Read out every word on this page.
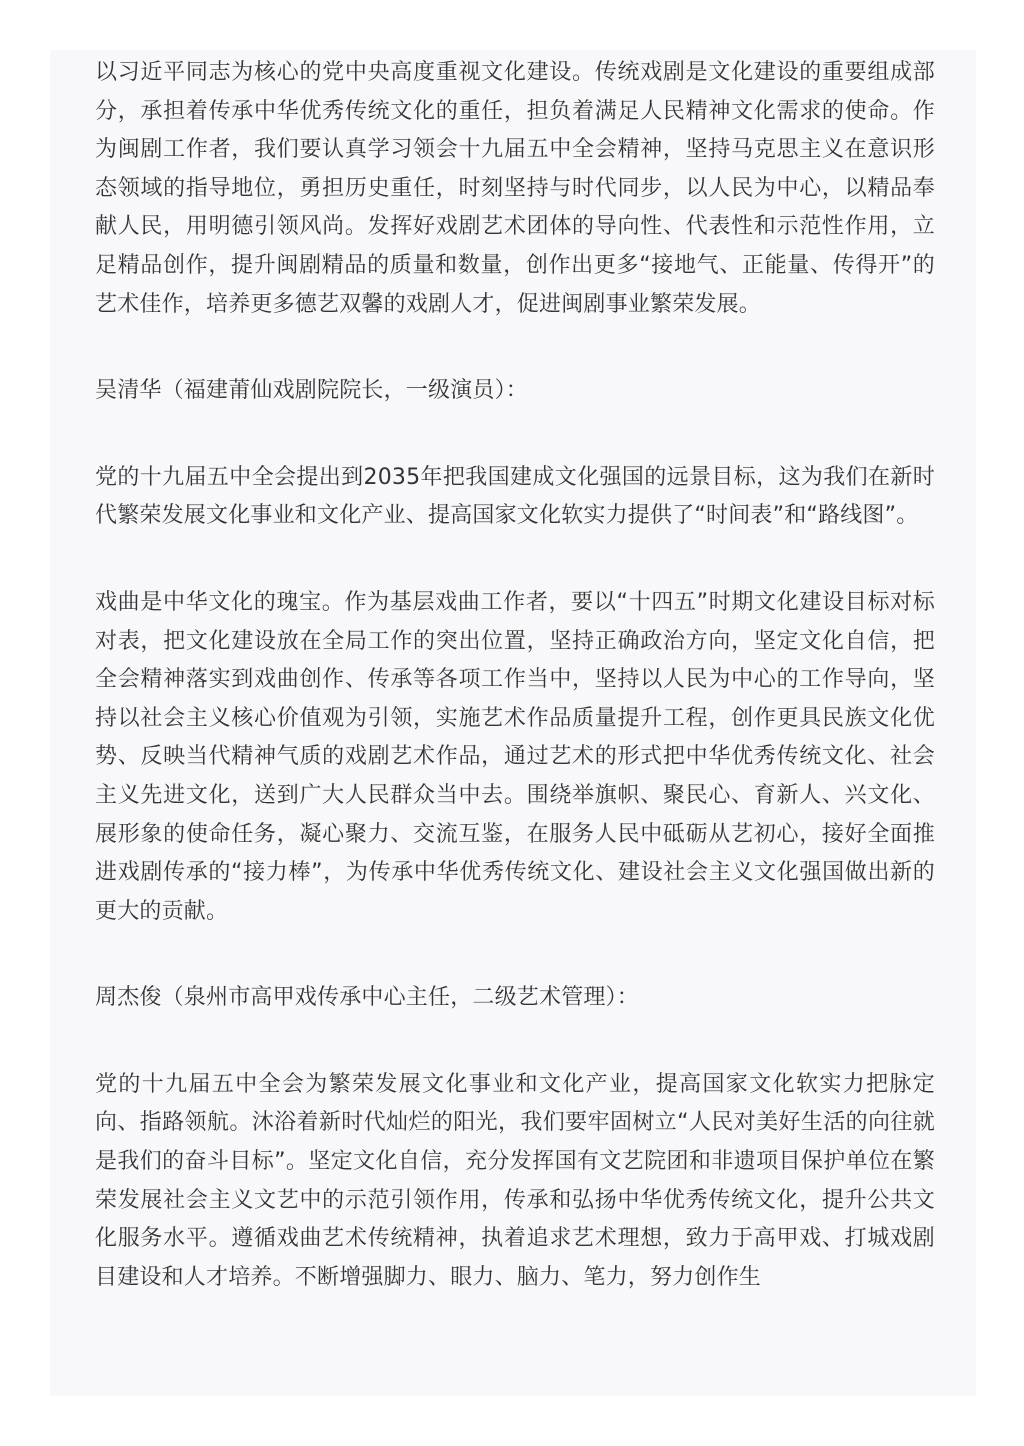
以习近平同志为核心的党中央高度重视文化建设。传统戏剧是文化建设的重要组成部分，承担着传承中华优秀传统文化的重任，担负着满足人民精神文化需求的使命。作为闽剧工作者，我们要认真学习领会十九届五中全会精神，坚持马克思主义在意识形态领域的指导地位，勇担历史重任，时刻坚持与时代同步，以人民为中心，以精品奉献人民，用明德引领风尚。发挥好戏剧艺术团体的导向性、代表性和示范性作用，立足精品创作，提升闽剧精品的质量和数量，创作出更多“接地气、正能量、传得开”的艺术佳作，培养更多德艺双馨的戏剧人才，促进闽剧事业繁荣发展。

吴清华（福建莆仙戏剧院院长，一级演员）：

党的十九届五中全会提出到2035年把我国建成文化强国的远景目标，这为我们在新时代繁荣发展文化事业和文化产业、提高国家文化软实力提供了“时间表”和“路线图”。

戏曲是中华文化的瑰宝。作为基层戏曲工作者，要以“十四五”时期文化建设目标对标对表，把文化建设放在全局工作的突出位置，坚持正确政治方向，坚定文化自信，把全会精神落实到戏曲创作、传承等各项工作当中，坚持以人民为中心的工作导向，坚持以社会主义核心价值观为引领，实施艺术作品质量提升工程，创作更具民族文化优势、反映当代精神气质的戏剧艺术作品，通过艺术的形式把中华优秀传统文化、社会主义先进文化，送到广大人民群众当中去。围绕举旗帜、聚民心、育新人、兴文化、展形象的使命任务，凝心聚力、交流互鉴，在服务人民中砥砺从艺初心，接好全面推进戏剧传承的“接力棒”，为传承中华优秀传统文化、建设社会主义文化强国做出新的更大的贡献。

周杰俊（泉州市高甲戏传承中心主任，二级艺术管理）：

党的十九届五中全会为繁荣发展文化事业和文化产业，提高国家文化软实力把脉定向、指路领航。沐浴着新时代灿烂的阳光，我们要牢固树立“人民对美好生活的向往就是我们的奋斗目标”。坚定文化自信，充分发挥国有文艺院团和非遗项目保护单位在繁荣发展社会主义文艺中的示范引领作用，传承和弘扬中华优秀传统文化，提升公共文化服务水平。遵循戏曲艺术传统精神，执着追求艺术理想，致力于高甲戏、打城戏剧目建设和人才培养。不断增强脚力、眼力、脑力、笔力，努力创作生
